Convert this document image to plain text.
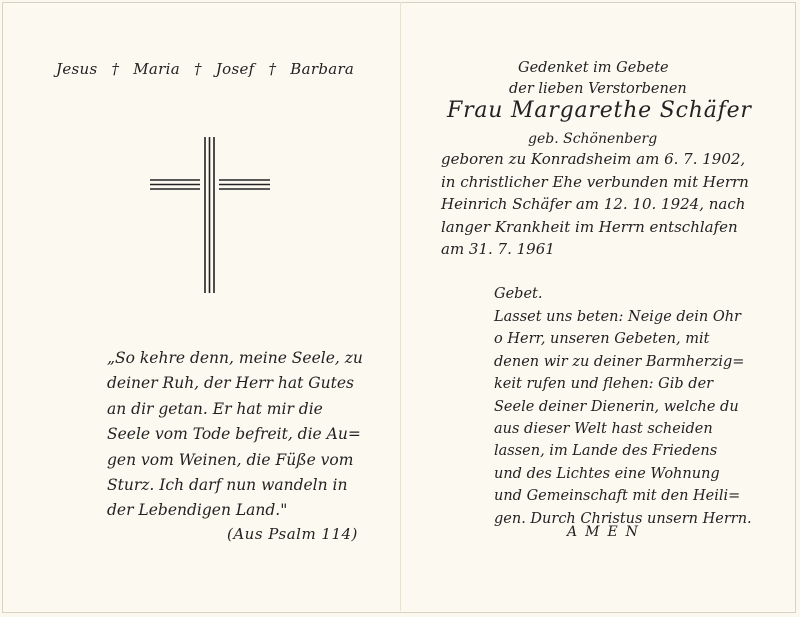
Jesus † Maria † Josef † Barbara
„So kehre denn, meine Seele, zu
deiner Ruh, der Herr hat Gutes
an dir getan. Er hat mir die
Seele vom Tode befreit, die Au=
gen vom Weinen, die Füße vom
Sturz. Ich darf nun wandeln in
der Lebendigen Land."
(Aus Psalm 114)
Gedenket im Gebete
der lieben Verstorbenen
Frau Margarethe Schäfer
geb. Schönenberg
geboren zu Konradsheim am 6. 7. 1902,
in christlicher Ehe verbunden mit Herrn
Heinrich Schäfer am 12. 10. 1924, nach
langer Krankheit im Herrn entschlafen
am 31. 7. 1961
Gebet.
Lasset uns beten: Neige dein Ohr
o Herr, unseren Gebeten, mit
denen wir zu deiner Barmherzig=
keit rufen und flehen: Gib der
Seele deiner Dienerin, welche du
aus dieser Welt hast scheiden
lassen, im Lande des Friedens
und des Lichtes eine Wohnung
und Gemeinschaft mit den Heili=
gen. Durch Christus unsern Herrn.
AMEN
